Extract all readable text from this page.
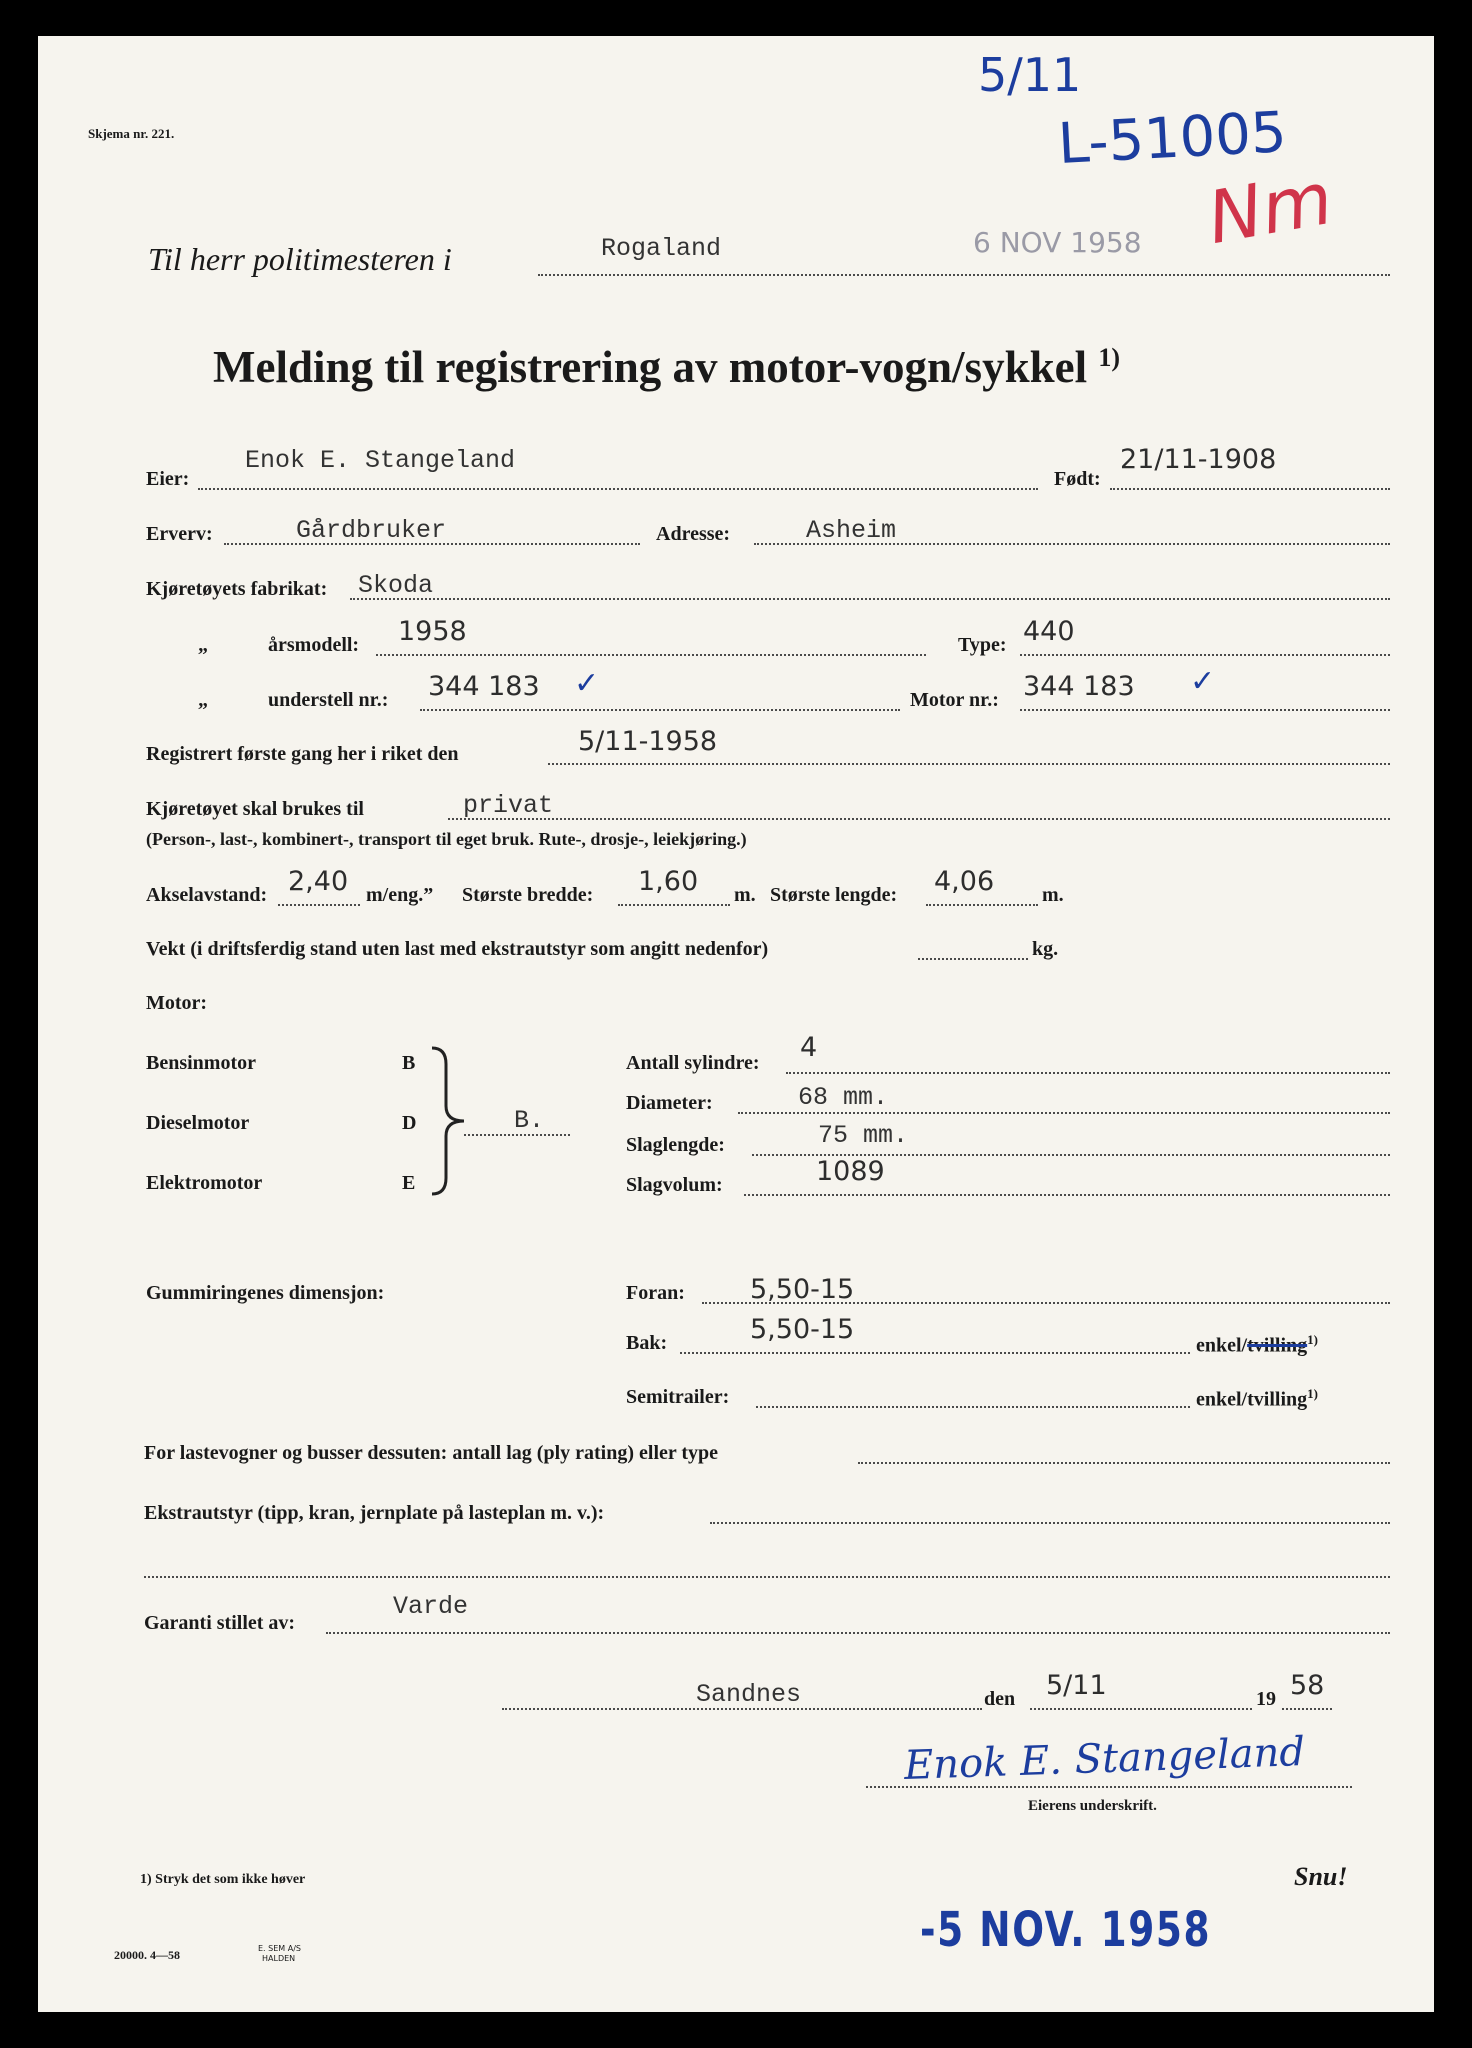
Skjema nr. 221.
5/11
L-51005
Nm
Til herr politimesteren i	Rogaland	6 NOV 1958
Melding til registrering av motor-vogn/sykkel $^{1)}$
Eier:
Enok E. Stangeland
Født:
21/11-1908
Erverv:	Gårdbruker	Adresse:	Asheim
Kjøretøyets fabrikat: Skoda
„	årsmodell: 1958	Type: 440
„	understell nr.: 344 183 ✓	Motor nr.: 344 183 ✓
Registrert første gang her i riket den	5/11-1958
Kjøretøyet skal brukes til	privat
(Person-, last-, kombinert-, transport til eget bruk. Rute-, drosje-, leiekjøring.)
Akselavstand: 2,40 m/eng.” Største bredde: 1,60 m. Største lengde: 4,06 m.
Vekt (i driftsferdig stand uten last med ekstrautstyr som angitt nedenfor)	kg.
Motor:
Bensinmotor	B
Dieselmotor	D
Elektromotor	E
B.
Antall sylindre: 4
Diameter:	68 mm.
Slaglengde:	75 mm.
Slagvolum:	1089
Gummiringenes dimensjon:	Foran: 5,50-15
Bak:	5,50-15
enkel/tvilling$^{1)}$
Semitrailer:	enkel/tvilling$^{1)}$
For lastevogner og busser dessuten: antall lag (ply rating) eller type
Ekstrautstyr (tipp, kran, jernplate på lasteplan m. v.):
Garanti stillet av:
Varde
Sandnes	den 5/11	19 58
Enok E. Stangeland
Eierens underskrift.
1) Stryk det som ikke høver	Snu!
-5 NOV. 1958
20000. 4—58	E. SEM A/S
HALDEN
